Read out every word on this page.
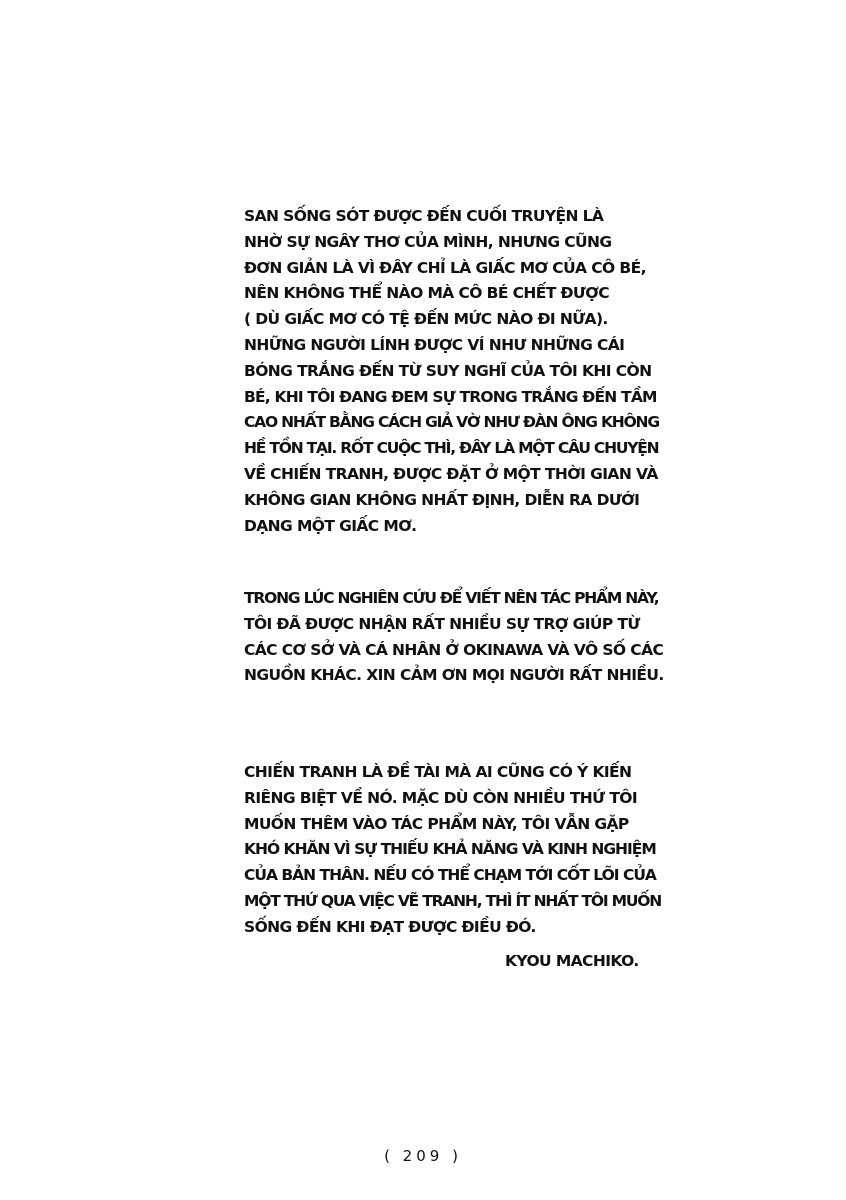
SAN SỐNG SÓT ĐƯỢC ĐẾN CUỐI TRUYỆN LÀ
NHỜ SỰ NGÂY THƠ CỦA MÌNH, NHƯNG CŨNG
ĐƠN GIẢN LÀ VÌ ĐÂY CHỈ LÀ GIẤC MƠ CỦA CÔ BÉ,
NÊN KHÔNG THỂ NÀO MÀ CÔ BÉ CHẾT ĐƯỢC
( DÙ GIẤC MƠ CÓ TỆ ĐẾN MỨC NÀO ĐI NỮA).
NHỮNG NGƯỜI LÍNH ĐƯỢC VÍ NHƯ NHỮNG CÁI
BÓNG TRẮNG ĐẾN TỪ SUY NGHĨ CỦA TÔI KHI CÒN
BÉ, KHI TÔI ĐANG ĐEM SỰ TRONG TRẮNG ĐẾN TẦM
CAO NHẤT BẰNG CÁCH GIẢ VỜ NHƯ ĐÀN ÔNG KHÔNG
HỀ TỒN TẠI. RỐT CUỘC THÌ, ĐÂY LÀ MỘT CÂU CHUYỆN
VỀ CHIẾN TRANH, ĐƯỢC ĐẶT Ở MỘT THỜI GIAN VÀ
KHÔNG GIAN KHÔNG NHẤT ĐỊNH, DIỄN RA DƯỚI
DẠNG MỘT GIẤC MƠ.
TRONG LÚC NGHIÊN CỨU ĐỂ VIẾT NÊN TÁC PHẨM NÀY,
TÔI ĐÃ ĐƯỢC NHẬN RẤT NHIỀU SỰ TRỢ GIÚP TỪ
CÁC CƠ SỞ VÀ CÁ NHÂN Ở OKINAWA VÀ VÔ SỐ CÁC
NGUỒN KHÁC. XIN CẢM ƠN MỌI NGƯỜI RẤT NHIỀU.
CHIẾN TRANH LÀ ĐỀ TÀI MÀ AI CŨNG CÓ Ý KIẾN
RIÊNG BIỆT VỀ NÓ. MẶC DÙ CÒN NHIỀU THỨ TÔI
MUỐN THÊM VÀO TÁC PHẨM NÀY, TÔI VẪN GẶP
KHÓ KHĂN VÌ SỰ THIẾU KHẢ NĂNG VÀ KINH NGHIỆM
CỦA BẢN THÂN. NẾU CÓ THỂ CHẠM TỚI CỐT LÕI CỦA
MỘT THỨ QUA VIỆC VẼ TRANH, THÌ ÍT NHẤT TÔI MUỐN
SỐNG ĐẾN KHI ĐẠT ĐƯỢC ĐIỀU ĐÓ.
KYOU MACHIKO.
( 209 )
